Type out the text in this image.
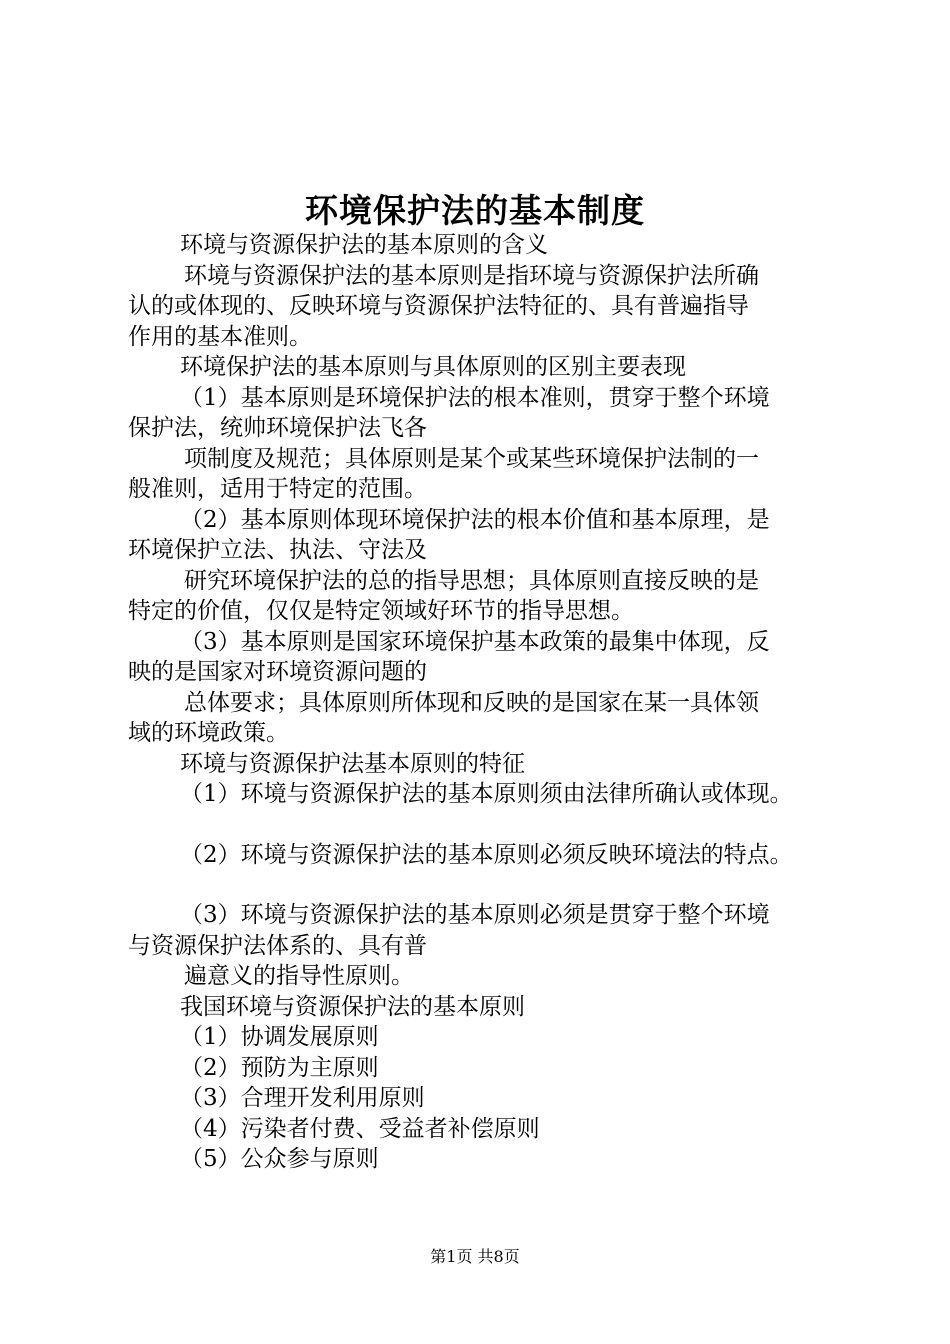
环境保护法的基本制度

环境与资源保护法的基本原则的含义

环境与资源保护法的基本原则是指环境与资源保护法所确

认的或体现的、反映环境与资源保护法特征的、具有普遍指导

作用的基本准则。

环境保护法的基本原则与具体原则的区别主要表现

（1）基本原则是环境保护法的根本准则，贯穿于整个环境

保护法，统帅环境保护法飞各

项制度及规范；具体原则是某个或某些环境保护法制的一

般准则，适用于特定的范围。

（2）基本原则体现环境保护法的根本价值和基本原理，是

环境保护立法、执法、守法及

研究环境保护法的总的指导思想；具体原则直接反映的是

特定的价值，仅仅是特定领域好环节的指导思想。

（3）基本原则是国家环境保护基本政策的最集中体现，反

映的是国家对环境资源问题的

总体要求；具体原则所体现和反映的是国家在某一具体领

域的环境政策。

环境与资源保护法基本原则的特征

（1）环境与资源保护法的基本原则须由法律所确认或体现。

（2）环境与资源保护法的基本原则必须反映环境法的特点。

（3）环境与资源保护法的基本原则必须是贯穿于整个环境

与资源保护法体系的、具有普

遍意义的指导性原则。

我国环境与资源保护法的基本原则

（1）协调发展原则

（2）预防为主原则

（3）合理开发利用原则

（4）污染者付费、受益者补偿原则

（5）公众参与原则

第1页 共8页
